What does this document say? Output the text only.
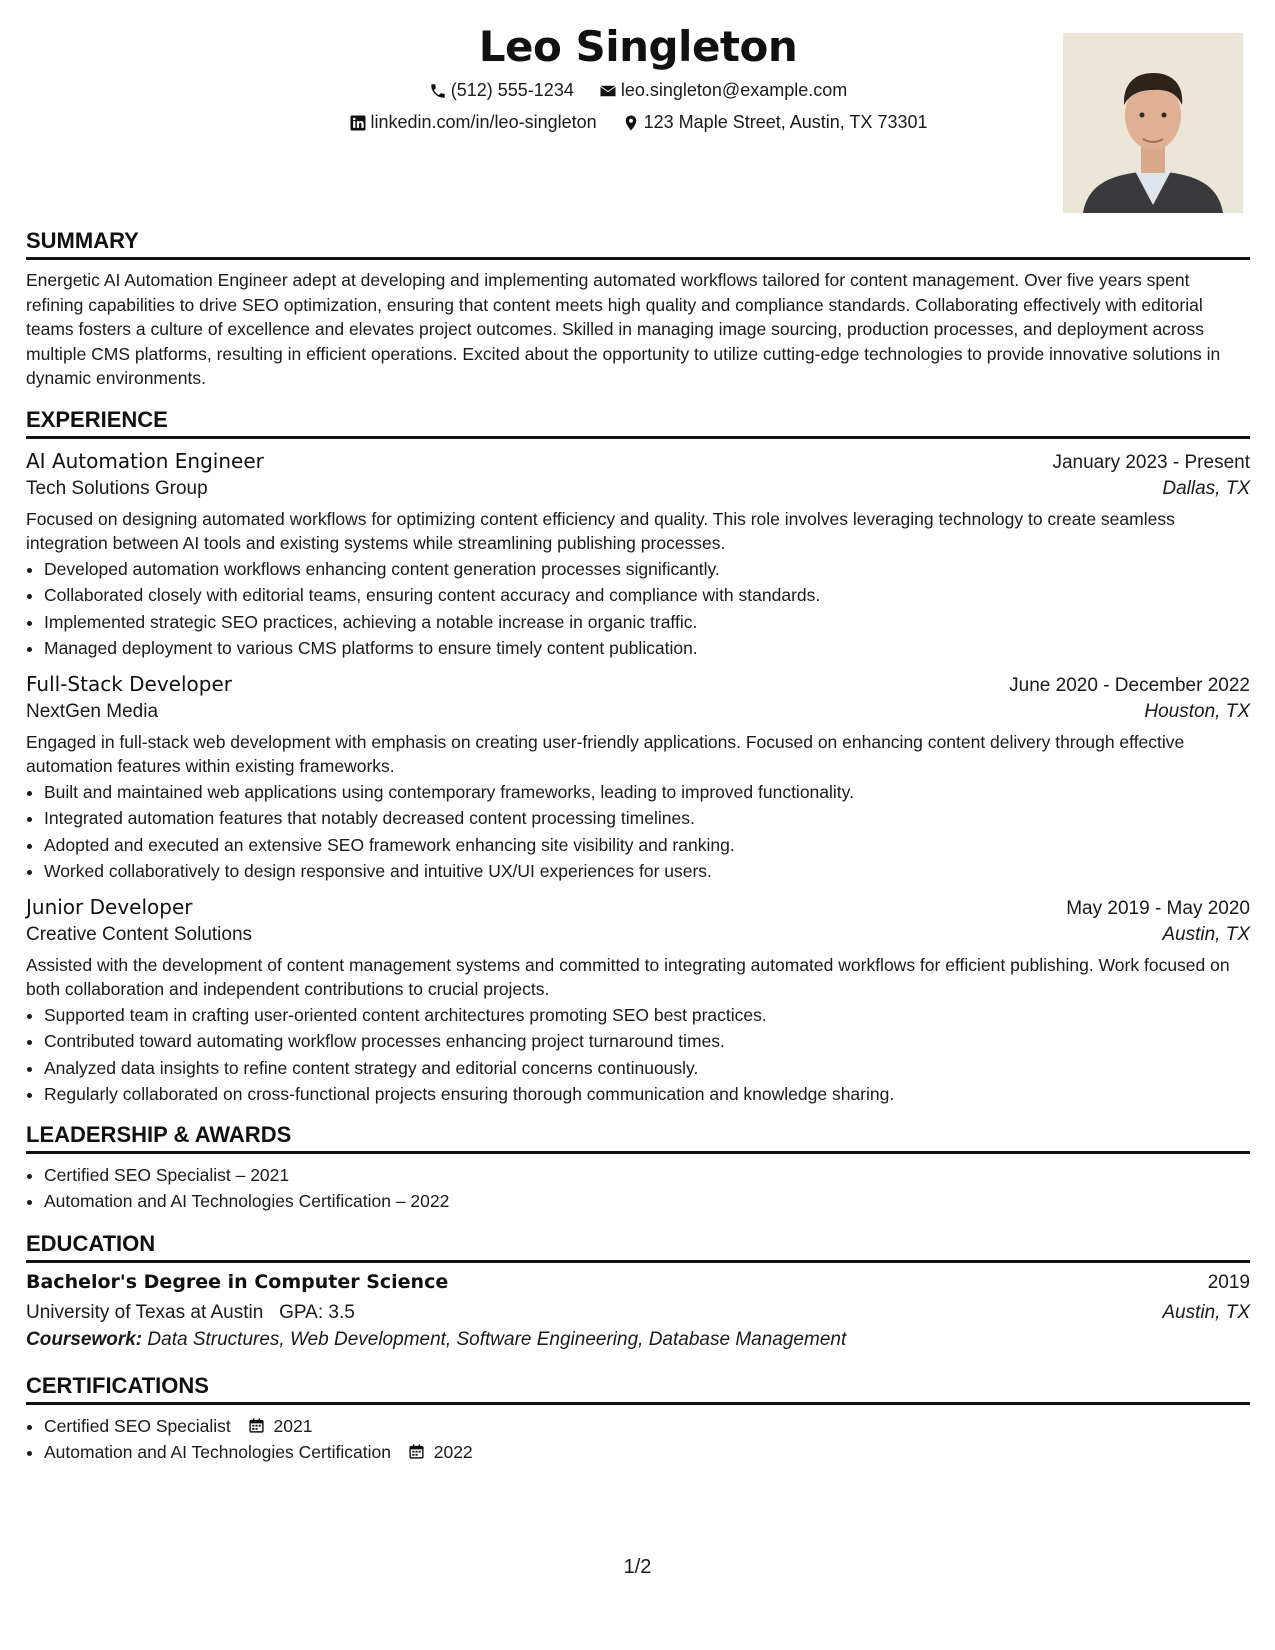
Leo Singleton
(512) 555-1234
	leo.singleton@example.com
linkedin.com/in/leo-singleton
	123 Maple Street, Austin, TX 73301
SUMMARY
Energetic AI Automation Engineer adept at developing and implementing automated workflows tailored for content management. Over five years spent refining capabilities to drive SEO optimization, ensuring that content meets high quality and compliance standards. Collaborating effectively with editorial teams fosters a culture of excellence and elevates project outcomes. Skilled in managing image sourcing, production processes, and deployment across multiple CMS platforms, resulting in efficient operations. Excited about the opportunity to utilize cutting-edge technologies to provide innovative solutions in dynamic environments.
EXPERIENCE
AI Automation Engineer	January 2023 - Present
Tech Solutions Group	Dallas, TX
Focused on designing automated workflows for optimizing content efficiency and quality. This role involves leveraging technology to create seamless integration between AI tools and existing systems while streamlining publishing processes.
• Developed automation workflows enhancing content generation processes significantly.
• Collaborated closely with editorial teams, ensuring content accuracy and compliance with standards.
• Implemented strategic SEO practices, achieving a notable increase in organic traffic.
• Managed deployment to various CMS platforms to ensure timely content publication.
Full-Stack Developer	June 2020 - December 2022
NextGen Media	Houston, TX
Engaged in full-stack web development with emphasis on creating user-friendly applications. Focused on enhancing content delivery through effective automation features within existing frameworks.
• Built and maintained web applications using contemporary frameworks, leading to improved functionality.
• Integrated automation features that notably decreased content processing timelines.
• Adopted and executed an extensive SEO framework enhancing site visibility and ranking.
• Worked collaboratively to design responsive and intuitive UX/UI experiences for users.
Junior Developer	May 2019 - May 2020
Creative Content Solutions	Austin, TX
Assisted with the development of content management systems and committed to integrating automated workflows for efficient publishing. Work focused on both collaboration and independent contributions to crucial projects.
• Supported team in crafting user-oriented content architectures promoting SEO best practices.
• Contributed toward automating workflow processes enhancing project turnaround times.
• Analyzed data insights to refine content strategy and editorial concerns continuously.
• Regularly collaborated on cross-functional projects ensuring thorough communication and knowledge sharing.
LEADERSHIP & AWARDS
• Certified SEO Specialist – 2021
• Automation and AI Technologies Certification – 2022
EDUCATION
Bachelor's Degree in Computer Science	2019
University of Texas at Austin GPA: 3.5	Austin, TX
Coursework: Data Structures, Web Development, Software Engineering, Database Management
CERTIFICATIONS
• Certified SEO Specialist 2021
• Automation and AI Technologies Certification 2022
1/2
